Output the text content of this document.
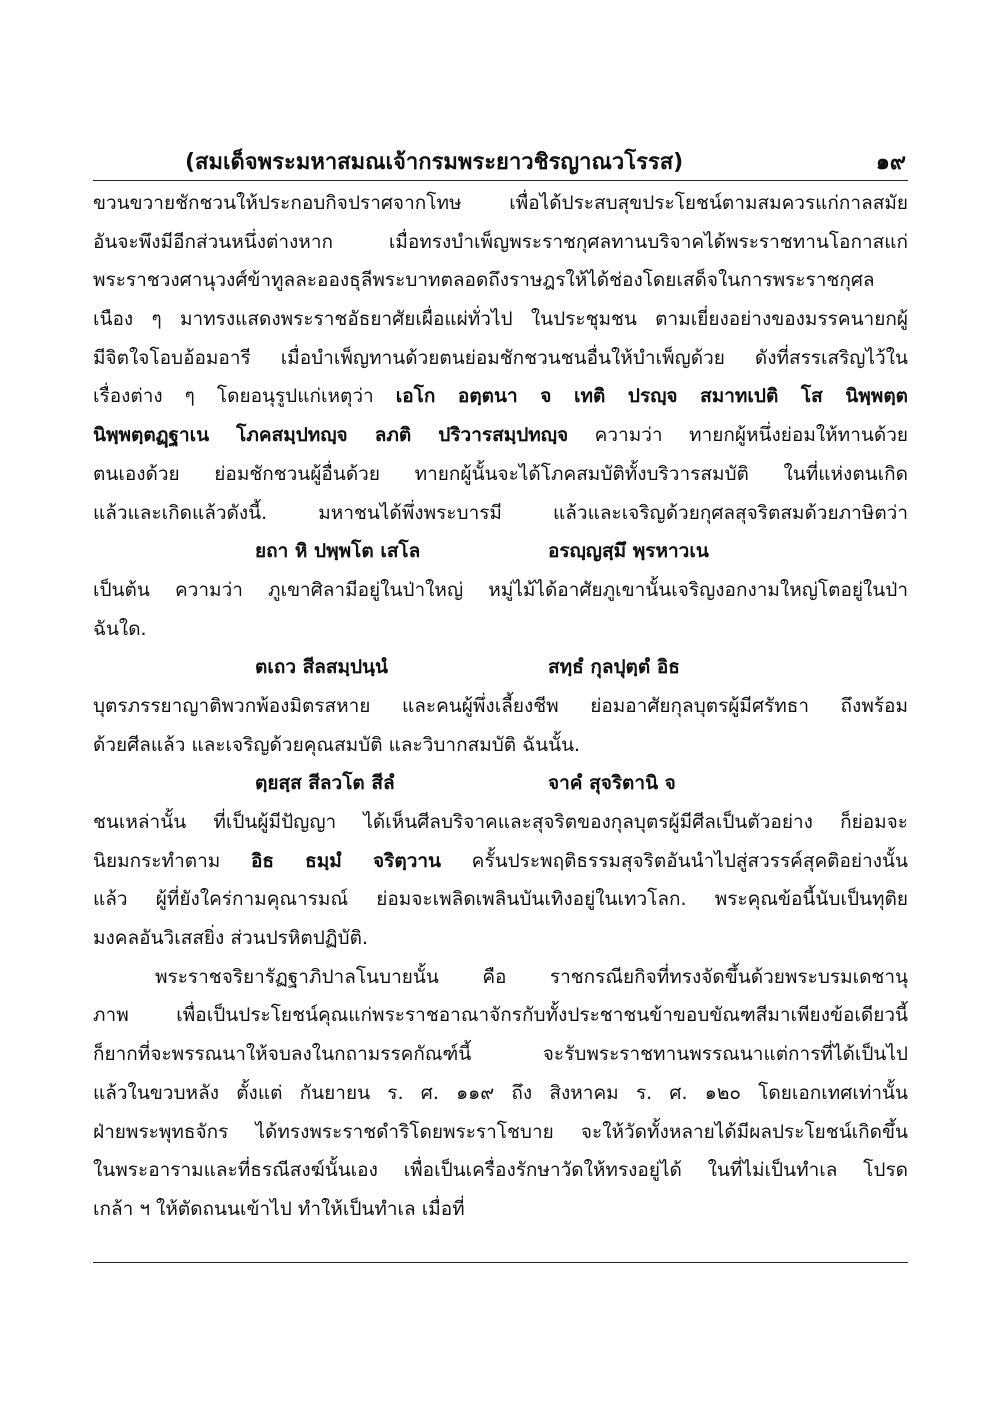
(สมเด็จพระมหาสมณเจ้ากรมพระยาวชิรญาณวโรรส)	๑๙
ขวนขวายชักชวนให้ประกอบกิจปราศจากโทษ เพื่อได้ประสบสุขประโยชน์ตามสมควรแก่กาลสมัย
อันจะพึงมีอีกส่วนหนึ่งต่างหาก เมื่อทรงบำเพ็ญพระราชกุศลทานบริจาคได้พระราชทานโอกาสแก่
พระราชวงศานุวงศ์ข้าทูลละอองธุลีพระบาทตลอดถึงราษฎรให้ได้ช่องโดยเสด็จในการพระราชกุศล
เนือง ๆ มาทรงแสดงพระราชอัธยาศัยเผื่อแผ่ทั่วไป ในประชุมชน ตามเยี่ยงอย่างของมรรคนายกผู้
มีจิตใจโอบอ้อมอารี เมื่อบำเพ็ญทานด้วยตนย่อมชักชวนชนอื่นให้บำเพ็ญด้วย ดังที่สรรเสริญไว้ใน
เรื่องต่าง ๆ โดยอนุรูปแก่เหตุว่า เอโก อตฺตนา จ เทติ ปรญฺจ สมาทเปติ โส นิพฺพตฺต
นิพฺพตฺตฏฺฐาเน โภคสมฺปทญฺจ ลภติ ปริวารสมฺปทญฺจ ความว่า ทายกผู้หนึ่งย่อมให้ทานด้วย
ตนเองด้วย ย่อมชักชวนผู้อื่นด้วย ทายกผู้นั้นจะได้โภคสมบัติทั้งบริวารสมบัติ ในที่แห่งตนเกิด
แล้วและเกิดแล้วดังนี้. มหาชนได้พึ่งพระบารมี แล้วและเจริญด้วยกุศลสุจริตสมด้วยภาษิตว่า
ยถา หิ ปพฺพโต เสโล	อรญฺญสฺมึ พฺรหาวเน
เป็นต้น ความว่า ภูเขาศิลามีอยู่ในป่าใหญ่ หมู่ไม้ได้อาศัยภูเขานั้นเจริญงอกงามใหญ่โตอยู่ในป่า
ฉันใด.
ตเถว สีลสมฺปนฺนํ	สทฺธํ กุลปุตฺตํ อิธ
บุตรภรรยาญาติพวกพ้องมิตรสหาย และคนผู้พึ่งเลี้ยงชีพ ย่อมอาศัยกุลบุตรผู้มีศรัทธา ถึงพร้อม
ด้วยศีลแล้ว และเจริญด้วยคุณสมบัติ และวิบากสมบัติ ฉันนั้น.
ตฺยสฺส สีลวโต สีลํ	จาคํ สุจริตานิ จ
ชนเหล่านั้น ที่เป็นผู้มีปัญญา ได้เห็นศีลบริจาคและสุจริตของกุลบุตรผู้มีศีลเป็นตัวอย่าง ก็ย่อมจะ
นิยมกระทำตาม อิธ ธมฺมํ จริตฺวาน ครั้นประพฤติธรรมสุจริตอันนำไปสู่สวรรค์สุคติอย่างนั้น
แล้ว ผู้ที่ยังใคร่กามคุณารมณ์ ย่อมจะเพลิดเพลินบันเทิงอยู่ในเทวโลก. พระคุณข้อนี้นับเป็นทุติย
มงคลอันวิเสสยิ่ง ส่วนปรหิตปฏิบัติ.
พระราชจริยารัฏฐาภิปาลโนบายนั้น คือ ราชกรณียกิจที่ทรงจัดขึ้นด้วยพระบรมเดชานุ
ภาพ เพื่อเป็นประโยชน์คุณแก่พระราชอาณาจักรกับทั้งประชาชนข้าขอบขัณฑสีมาเพียงข้อเดียวนี้
ก็ยากที่จะพรรณนาให้จบลงในกถามรรคกัณฑ์นี้ จะรับพระราชทานพรรณนาแต่การที่ได้เป็นไป
แล้วในขวบหลัง ตั้งแต่ กันยายน ร. ศ. ๑๑๙ ถึง สิงหาคม ร. ศ. ๑๒๐ โดยเอกเทศเท่านั้น
ฝ่ายพระพุทธจักร ได้ทรงพระราชดำริโดยพระราโชบาย จะให้วัดทั้งหลายได้มีผลประโยชน์เกิดขึ้น
ในพระอารามและที่ธรณีสงฆ์นั้นเอง เพื่อเป็นเครื่องรักษาวัดให้ทรงอยู่ได้ ในที่ไม่เป็นทำเล โปรด
เกล้า ฯ ให้ตัดถนนเข้าไป ทำให้เป็นทำเล เมื่อที่
